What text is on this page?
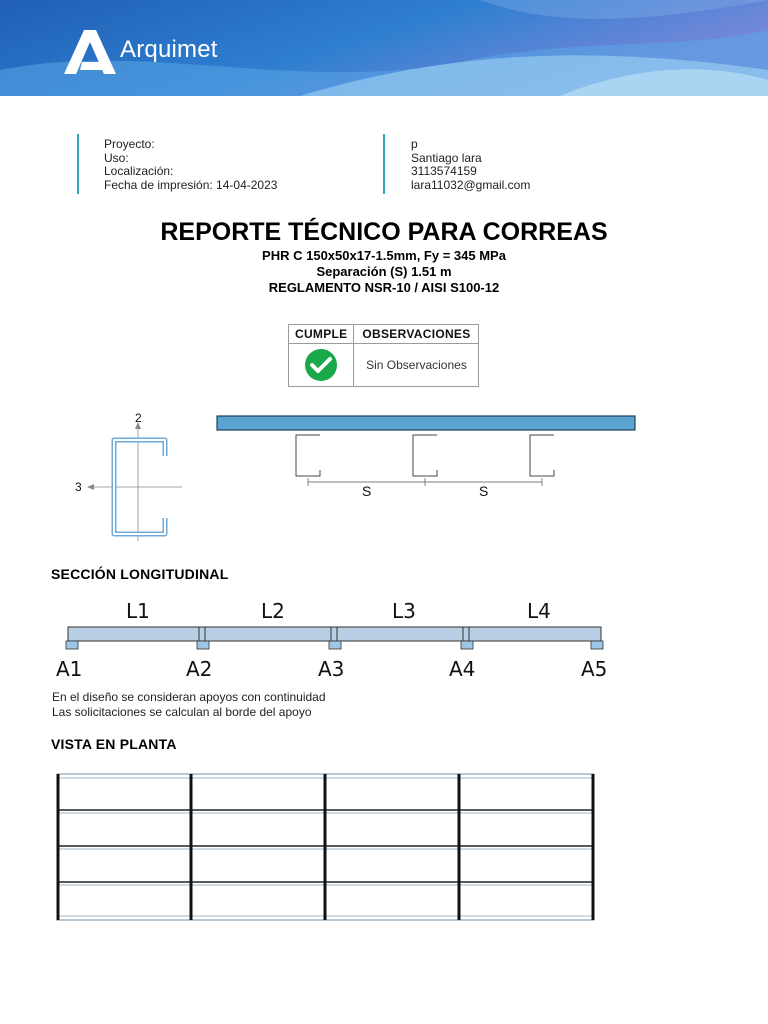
Arquimet
Proyecto:
Uso:
Localización:
Fecha de impresión: 14-04-2023
p
Santiago lara
3113574159
lara11032@gmail.com
REPORTE TÉCNICO PARA CORREAS
PHR C 150x50x17-1.5mm, Fy = 345 MPa
Separación (S) 1.51 m
REGLAMENTO NSR-10 / AISI S100-12
CUMPLE	OBSERVACIONES

	Sin Observaciones
2
3	S	S
SECCIÓN LONGITUDINAL
L1	L2	L3	L4
A1	A2	A3	A4	A5
En el diseño se consideran apoyos con continuidad
Las solicitaciones se calculan al borde del apoyo
VISTA EN PLANTA
